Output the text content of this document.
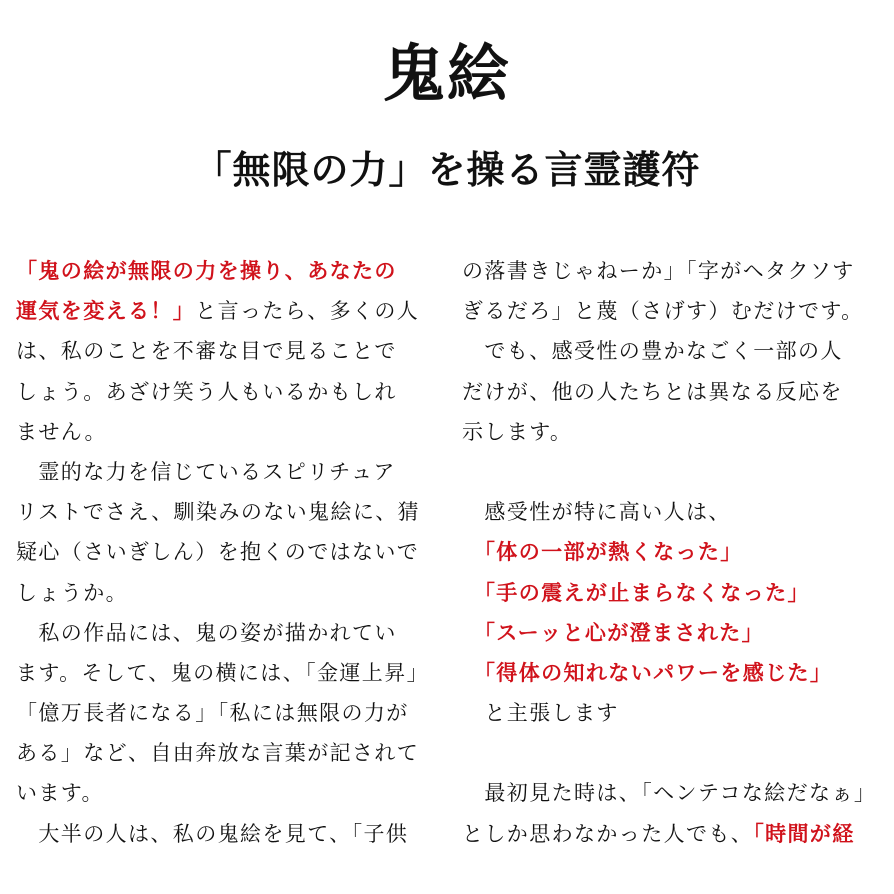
鬼絵
「無限の力」を操る言霊護符
「鬼の絵が無限の力を操り、あなたの
運気を変える！」と言ったら、多くの人
は、私のことを不審な目で見ることで
しょう。あざけ笑う人もいるかもしれ
ません。
　霊的な力を信じているスピリチュア
リストでさえ、馴染みのない鬼絵に、猜
疑心（さいぎしん）を抱くのではないで
しょうか。
　私の作品には、鬼の姿が描かれてい
ます。そして、鬼の横には、「金運上昇」
「億万長者になる」「私には無限の力が
ある」など、自由奔放な言葉が記されて
います。
　大半の人は、私の鬼絵を見て、「子供
の落書きじゃねーか」「字がヘタクソす
ぎるだろ」と蔑（さげす）むだけです。
　でも、感受性の豊かなごく一部の人
だけが、他の人たちとは異なる反応を
示します。
　感受性が特に高い人は、
　「体の一部が熱くなった」
　「手の震えが止まらなくなった」
　「スーッと心が澄まされた」
　「得体の知れないパワーを感じた」
　と主張します
　最初見た時は、「ヘンテコな絵だなぁ」
としか思わなかった人でも、「時間が経
